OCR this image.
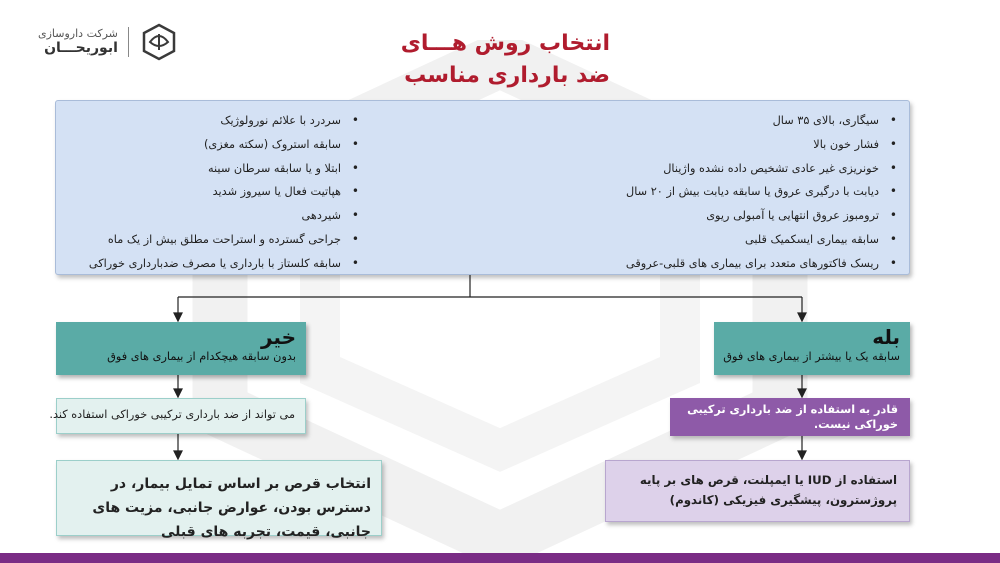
شرکت داروسازی
ابوریحـــان	انتخاب روش هـــای
ضد بارداری مناسب
• سیگاری، بالای ۳۵ سال
• فشار خون بالا
• خونریزی غیر عادی تشخیص داده نشده واژینال
• دیابت با درگیری عروق یا سابقه دیابت بیش از ۲۰ سال
• ترومبوز عروق انتهایی یا آمبولی ریوی
• سابقه بیماری ایسکمیک قلبی
• ریسک فاکتورهای متعدد برای بیماری های قلبی-عروقی
• سردرد با علائم نورولوژیک
• سابقه استروک (سکته مغزی)
• ابتلا و یا سابقه سرطان سینه
• هپاتیت فعال یا سیروز شدید
• شیردهی
• جراحی گسترده و استراحت مطلق بیش از یک ماه
• سابقه کلستاز با بارداری یا مصرف ضدبارداری خوراکی
خیر
بدون سابقه هیچکدام از بیماری های فوق
می تواند از ضد بارداری ترکیبی خوراکی استفاده کند.
انتخاب قرص بر اساس تمایل بیمار، در دسترس بودن، عوارض جانبی، مزیت های جانبی، قیمت، تجربه های قبلی
بله
سابقه یک یا بیشتر از بیماری های فوق
قادر به استفاده از ضد بارداری ترکیبی خوراکی نیست.
استفاده از IUD یا ایمپلنت، قرص های بر پایه پروژسترون، پیشگیری فیزیکی (کاندوم)
